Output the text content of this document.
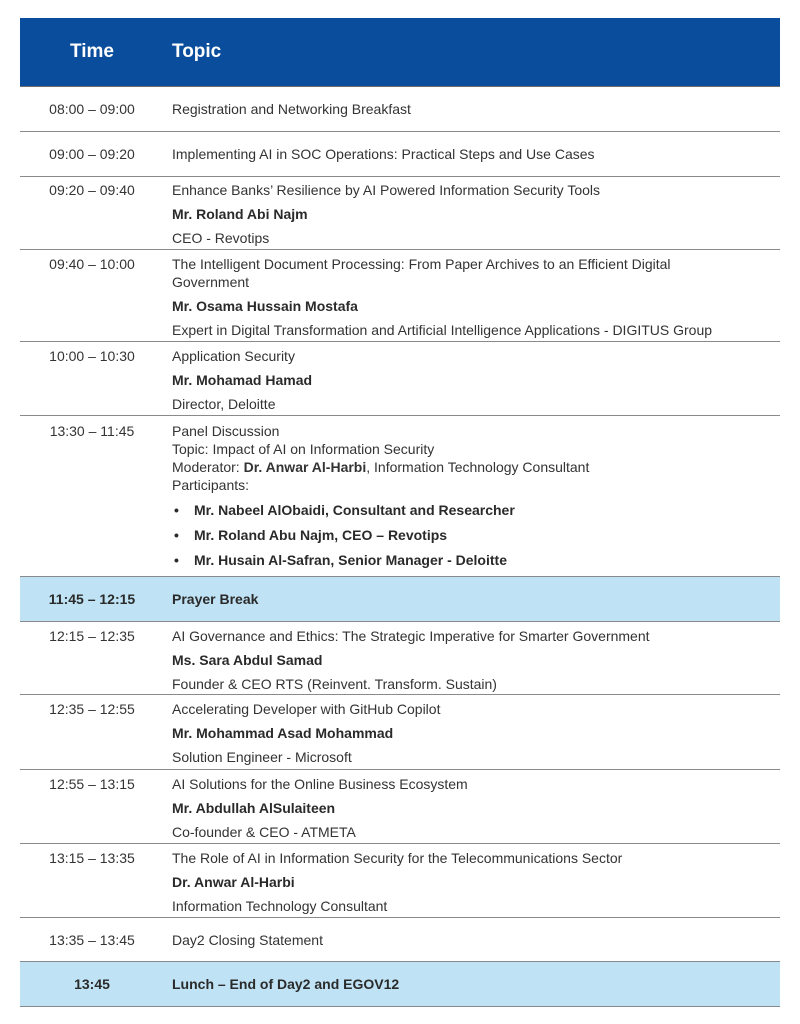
Time	Topic
08:00 – 09:00	Registration and Networking Breakfast
09:00 – 09:20	Implementing AI in SOC Operations: Practical Steps and Use Cases
09:20 – 09:40	Enhance Banks’ Resilience by AI Powered Information Security Tools
Mr. Roland Abi Najm
CEO - Revotips
09:40 – 10:00	The Intelligent Document Processing: From Paper Archives to an Efficient Digital
Government
Mr. Osama Hussain Mostafa
Expert in Digital Transformation and Artificial Intelligence Applications - DIGITUS Group
10:00 – 10:30	Application Security
Mr. Mohamad Hamad
Director, Deloitte
13:30 – 11:45	Panel Discussion
Topic: Impact of AI on Information Security
Moderator: Dr. Anwar Al-Harbi, Information Technology Consultant
Participants:
• Mr. Nabeel AlObaidi, Consultant and Researcher
• Mr. Roland Abu Najm, CEO – Revotips
• Mr. Husain Al-Safran, Senior Manager - Deloitte
11:45 – 12:15	Prayer Break
12:15 – 12:35	AI Governance and Ethics: The Strategic Imperative for Smarter Government
Ms. Sara Abdul Samad
Founder & CEO RTS (Reinvent. Transform. Sustain)
12:35 – 12:55	Accelerating Developer with GitHub Copilot
Mr. Mohammad Asad Mohammad
Solution Engineer - Microsoft
12:55 – 13:15	AI Solutions for the Online Business Ecosystem
Mr. Abdullah AlSulaiteen
Co-founder & CEO - ATMETA
13:15 – 13:35	The Role of AI in Information Security for the Telecommunications Sector
Dr. Anwar Al-Harbi
Information Technology Consultant
13:35 – 13:45	Day2 Closing Statement
13:45	Lunch – End of Day2 and EGOV12
